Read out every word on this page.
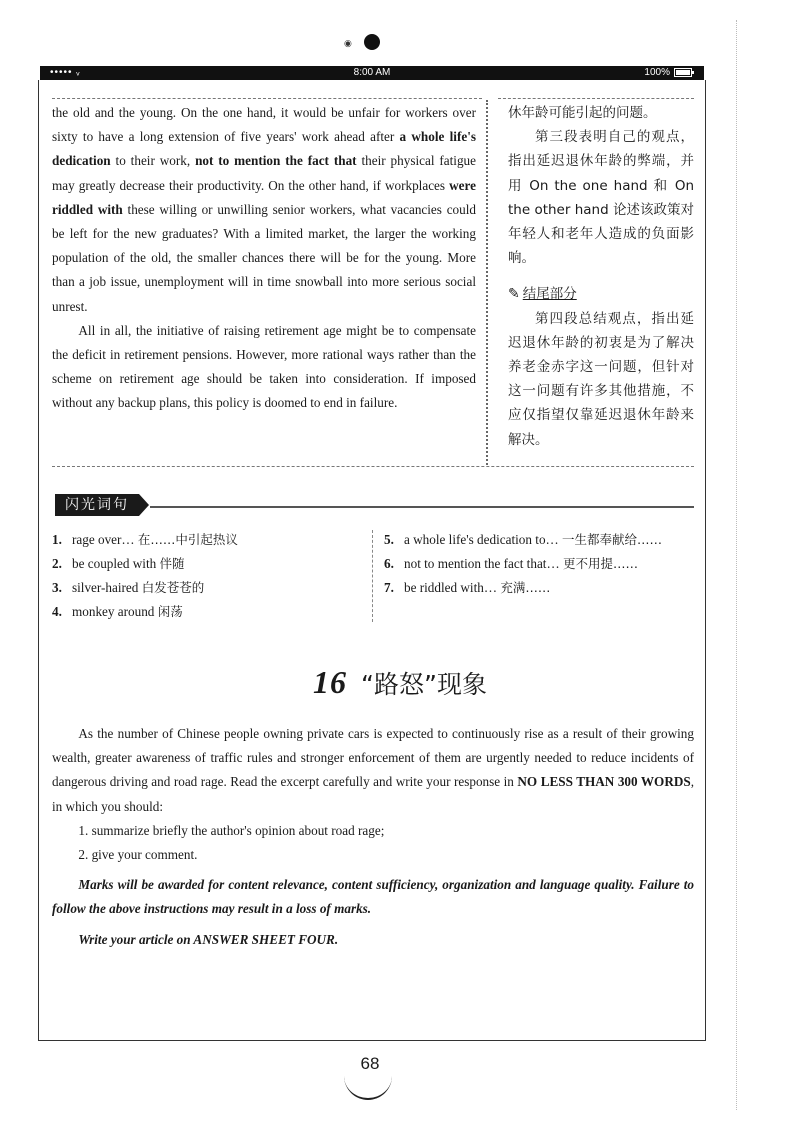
◉
••••• ᵥ	8:00 AM	100%

the old and the young. On the one hand, it would be unfair for workers over sixty to have a long extension of five years' work ahead after a whole life's dedication to their work, not to mention the fact that their physical fatigue may greatly decrease their productivity. On the other hand, if workplaces were riddled with these willing or unwilling senior workers, what vacancies could be left for the new graduates? With a limited market, the larger the working population of the old, the smaller chances there will be for the young. More than a job issue, unemployment will in time snowball into more serious social unrest.

All in all, the initiative of raising retirement age might be to compensate the deficit in retirement pensions. However, more rational ways rather than the scheme on retirement age should be taken into consideration. If imposed without any backup plans, this policy is doomed to end in failure.

休年龄可能引起的问题。

第三段表明自己的观点，指出延迟退休年龄的弊端，并用 On the one hand 和 On the other hand 论述该政策对年轻人和老年人造成的负面影响。

✎ 结尾部分

第四段总结观点，指出延迟退休年龄的初衷是为了解决养老金赤字这一问题，但针对这一问题有许多其他措施，不应仅指望仅靠延迟退休年龄来解决。

闪光词句
1. rage over… 在……中引起热议
2. be coupled with 伴随
3. silver-haired 白发苍苍的
4. monkey around 闲荡
5. a whole life's dedication to… 一生都奉献给……
6. not to mention the fact that… 更不用提……
7. be riddled with… 充满……
16 “路怒”现象

As the number of Chinese people owning private cars is expected to continuously rise as a result of their growing wealth, greater awareness of traffic rules and stronger enforcement of them are urgently needed to reduce incidents of dangerous driving and road rage. Read the excerpt carefully and write your response in NO LESS THAN 300 WORDS, in which you should:

1. summarize briefly the author's opinion about road rage;

2. give your comment.

Marks will be awarded for content relevance, content sufficiency, organization and language quality. Failure to follow the above instructions may result in a loss of marks.

Write your article on ANSWER SHEET FOUR.

68
